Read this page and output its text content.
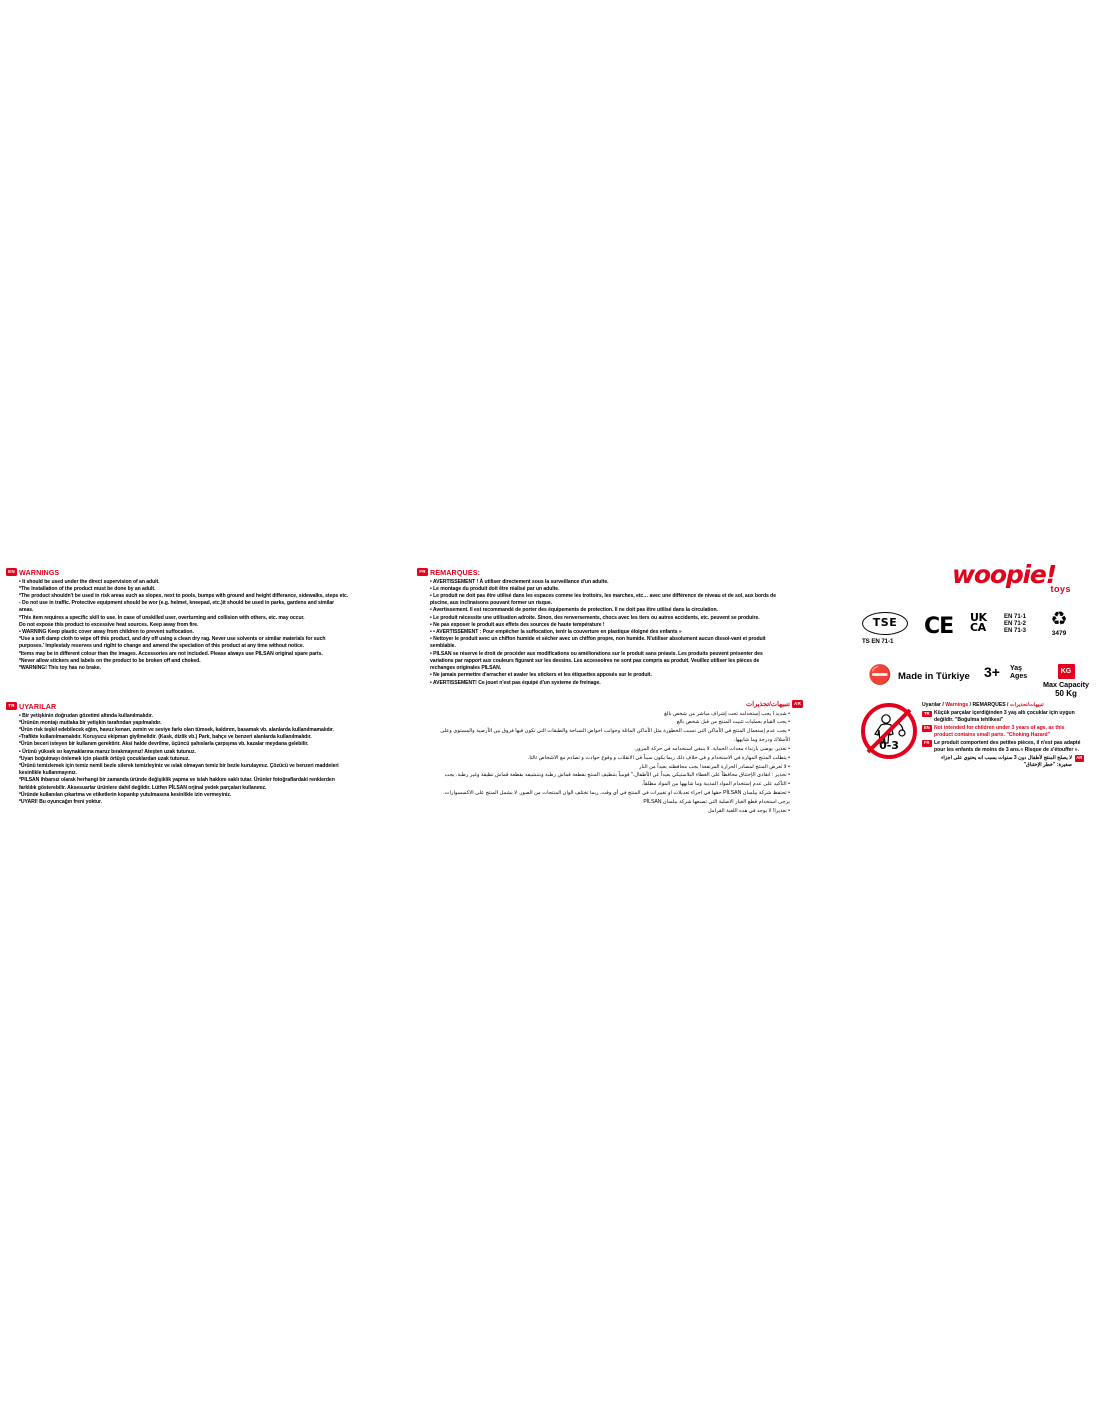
EN WARNINGS
• It should be used under the direct supervision of an adult.
*The Installation of the product must be done by an adult.
*The product shouldn't be used in risk areas such as slopes, next to pools, bumps with ground and height differance, sidewalks, steps etc.
- Do not use in traffic. Protective equipment should be wor (e.g. helmet, kneepad, etc.)it should be used in parks, gardens and similar areas.
*This item requires a specific skill to use. In case of unskilled user, overturning and collision with others, etc. may occur.
Do not expose this product to excessive heat sources. Keep away from fire.
• WARNING Keep plastic cover away from children to prevent suffocation.
*Use a soft damp cloth to wipe off this product, and dry off using a clean dry rag. Never use solvents or similar materials for such purposes.' Implestaly reserves und rigiht to change and amend the speciation of this product at any time without notice.
*Items may be in different colour than the images. Accessories are not included. Please always use PILSAN original spare parts.
*Never allow stickers and labels on the product to be broken off and choked.
*WARNING! This toy has no brake.
TR UYARILAR
• Bir yetişkinin doğrudan gözetimi altında kullanılmalıdır.
*Ürünün montajı mutlaka bir yetişkin tarafından yapılmalıdır.
*Ürün risk teşkil edebilecek eğim, havuz kenarı, zemin ve seviye farkı olan tümsek, kaldırım, basamak vb. alanlarda kullanılmamalıdır.
•Trafikte kullanılmamalıdır. Koruyucu ekipman giyilmelidir. (Kask, dizlik vb.) Park, bahçe ve benzeri alanlarda kullanılmalıdır.
*Ürün beceri isteyen bir kullanım gerektirir. Aksi halde devrilme, üçüncü şahıslarla çarpışma vb. kazalar meydana gelebilir.
• Ürünü yüksek ısı kaynaklarına maruz bırakmayınız! Ateşten uzak tutunuz.
*Uyarı boğulmayı önlemek için plastik örtüyü çocuklardan uzak tutunuz.
*Ürünü temizlemek için temiz nemli bezle silerek temizleyiniz ve ıslak olmayan temiz bir bezle kurulayınız. Çözücü ve benzeri maddeleri kesinlikle kullanmayınız.
*PILSAN ihbarsız olarak herhangi bir zamanda üründe değişiklik yapma ve islah hakkını saklı tutar. Ürünler fotoğraflardaki renklerden farklılık gösterebilir. Aksesuarlar ürünlere dahil değildir. Lütfen PİLSAN orjinal yedek parçaları kullanınız.
*Üründe kullanılan çıkartma ve etiketlerin koparılıp yutulmasına kesinlikle izin vermeyiniz.
*UYARI! Bu oyuncağın freni yoktur.
FR REMARQUES:
• AVERTISSEMENT ! À utiliser directement sous la surveillance d'un adulte.
• Le montage du produit doit être réalisé par un adulte.
• Le produit ne doit pas être utilisé dans les espaces comme les trottoirs, les marches, etc… avec une différence de niveau et de sol, aux bords de piscine, aux inclinaisons pouvant former un risque.
• Avertissement. Il est recommandé de porter des équipements de protection. Il ne doit pas être utilisé dans la circulation.
• Le produit nécessite une utilisation adroite. Sinon, des renversements, chocs avec les tiers ou autres accidents, etc. peuvent se produire.
• Ne pas exposer le produit aux effets des sources de haute température !
• • AVERTISSEMENT : Pour empêcher la suffocation, tenir la couverture en plastique éloigné des enfants »
• Nettoyer le produit avec un chiffon humide et sécher avec un chiffon propre, non humide. N'utiliser absolument aucun dissol-vant et produit semblable.
• PILSAN se réserve le droit de procéder aux modifications ou améliorations sur le produit sans préavis. Les produits peuvent présenter des variations par rapport aux couleurs figurant sur les dessins. Les accessoires ne sont pas compris au produit. Veuillez utiliser les pièces de rechanges originales PILSAN.
• Ne jamais permettre d'arracher et avaler les stickers et les étiquettes apposés sur le produit.
• AVERTISSEMENT! Ce jouet n'est pas équipé d'un systeme de freinage.
AR
تنبيهات/تحذيرات
• شديد ا يجب إستخدامه تحت إشراف مباشر من شخص بالغ
• يجب القيام بعمليات تثبيت المنتج من قبل شخص بالغ
• يجب عدم إستعمال المنتج في الأماكن التي تسبب الخطورة مثل الأماكن المائلة وجوانب احواض السباحة والطبقات التي تكون فيها فروق بين الأرضية والمستوى وعلى الأسلاك ودرجة وما شابهها.
• تعذير. يوصى بارتداء معدات الحماية. لا ينبغي استخدامه في حركة المرور.
• يتطلب المنتج المهارة في الاستخدام و في خلاف ذلك ربما يكون سبباً في الانقلاب و وقوع حوادث و تصادم مع الاشخاص ثالثا.
• لا تعرض المنتج لمصادر الحرارة المرتفعة! يجب محافظته بعيداً من النار
• تحذير : انقاذي الإختناق محافظاً على الغطاء البلاستيكي بعيداً عن الأطفال." قومياً بتنظيف المنتج بقطعة قماش رطبة وبتنشيفه بقطعة قماش نظيفة وغير رطبة. يجب
• التأكيد على عدم إستخدام المواد المذيبة وما شابهها من المواد مطلقاً.
• تحتفظ شركة بيلسان PİLSAN حقها في اجراء تعديلات او تغييرات في المنتج في أي وقت. ربما تختلف الوان المنتجات من الصور. لا يشمل المنتج على الاكسسوارات.
يرجى استخدام قطع الغيار الاصلية التي تصنعها شركة بيلسان PİLSAN
• تعذيرا! لا يوجد في هذه اللعبة الفرامل
woopie!
toys
TSE
TS EN 71-1
CE UK
CA
EN 71-1
EN 71-2
EN 71-3
♻
3479
⛔ Made in Türkiye 3+ Yaş
Ages
KG
Max Capacity
50 Kg
0-3
Uyarılar / Warnings / REMARQUES / تنبيهات/تحذيرات
TR Küçük parçalar içerdiğinden 3 yaş altı çocuklar için uygun değildir. "Boğulma tehlikesi"
EN Not intended for children under 3 years of age, as this product contains small parts. "Choking Hazard"
FR Le produit comportent des petites pièces, il n'est pas adapté pour les enfants de moins de 3 ans.« Risque de s'étouffer ».
AR
لا يصلح المنتج لأطفال دون 3 سنوات بسبب انه يحتوي على اجزاء صغيرة: "خطر الإختناق"
